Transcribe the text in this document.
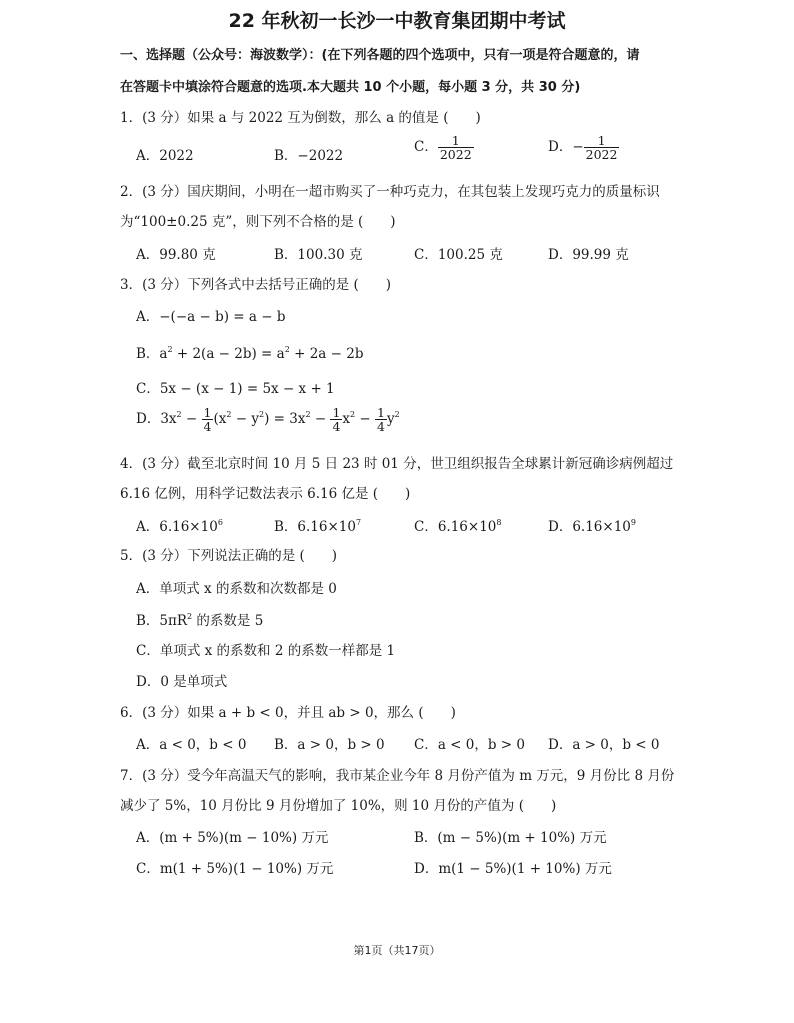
22 年秋初一长沙一中教育集团期中考试
一、选择题（公众号：海波数学）：(在下列各题的四个选项中，只有一项是符合题意的，请
在答题卡中填涂符合题意的选项.本大题共 10 个小题，每小题 3 分，共 30 分)
1．(3 分）如果 a 与 2022 互为倒数，那么 a 的值是 (　　)
A．2022	B．−2022
C． $\frac{1}{2022}$	D．− $\frac{1}{2022}$
2．(3 分）国庆期间，小明在一超市购买了一种巧克力，在其包装上发现巧克力的质量标识
为“100±0.25 克”，则下列不合格的是 (　　)
A．99.80 克	B．100.30 克	C．100.25 克	D．99.99 克
3．(3 分）下列各式中去括号正确的是 (　　)
A．−(−a − b) = a − b
B．$a^2 + 2(a - 2b) = a^2 + 2a - 2b$
C．5x − (x − 1) = 5x − x + 1
D．$3x^2 - \frac{1}{4} (x^2 - y^2) = 3x^2 - \frac{1}{4} x^2 - \frac{1}{4} y^2$
4．(3 分）截至北京时间 10 月 5 日 23 时 01 分，世卫组织报告全球累计新冠确诊病例超过
6.16 亿例，用科学记数法表示 6.16 亿是 (　　)
A．$6.16\times 10^6$	B．$6.16\times 10^7$	C．$6.16\times 10^8$	D．$6.16\times 10^9$
5．(3 分）下列说法正确的是 (　　)
A．单项式 x 的系数和次数都是 0
B．$5\pi R^2$ 的系数是 5
C．单项式 x 的系数和 2 的系数一样都是 1
D．0 是单项式
6．(3 分）如果 a + b < 0，并且 ab > 0，那么 (　　)
A．a < 0，b < 0 B．a > 0，b > 0 C．a < 0，b > 0 D．a > 0，b < 0
7．(3 分）受今年高温天气的影响，我市某企业今年 8 月份产值为 m 万元，9 月份比 8 月份
减少了 5%，10 月份比 9 月份增加了 10%，则 10 月份的产值为 (　　)
A．(m + 5%)(m − 10%) 万元	B．(m − 5%)(m + 10%) 万元
C．m(1 + 5%)(1 − 10%) 万元	D．m(1 − 5%)(1 + 10%) 万元
第1页（共17页）
